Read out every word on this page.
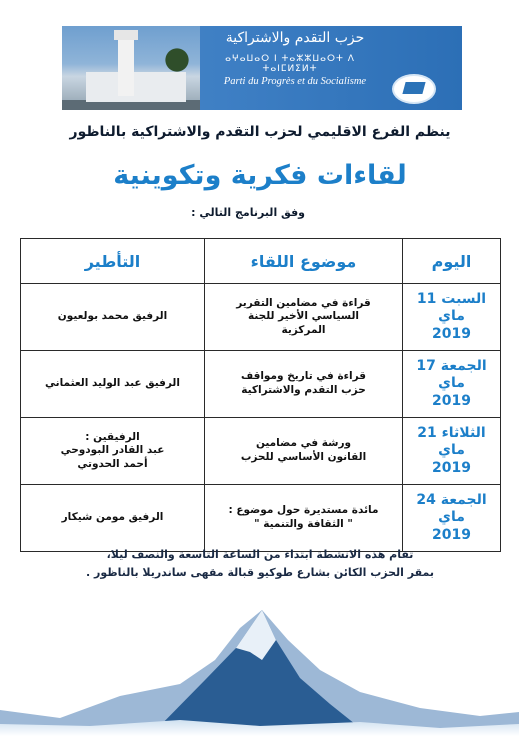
حزب التقدم والاشتراكية
ⴰⵖⴰⵡⴰⵔ ⵏ ⵜⴰⵣⵣⵡⴰⵔⵜ ⴷ ⵜⴰⵏⵎⵍⵉⵍⵜ
Parti du Progrès et du Socialisme
ينظم الفرع الاقليمي لحزب التقدم والاشتراكية بالناظور
لقاءات فكرية وتكوينية
وفق البرنامج التالي :
اليوم	موضوع اللقاء	التأطير

السبت 11 ماي
2019	قراءة في مضامين التقرير
السياسي الأخير للجنة
المركزية	الرفيق محمد بولعيون

الجمعة 17 ماي
2019	قراءة في تاريخ ومواقف
حزب التقدم والاشتراكية	الرفيق عبد الوليد العثماني

الثلاثاء 21 ماي
2019	ورشة في مضامين
القانون الأساسي للحزب	الرفيقين :
عبد القادر البودوحي
أحمد الحدوتي

الجمعة 24 ماي
2019	مائدة مستديرة حول موضوع :
" الثقافة والتنمية "	الرفيق مومن شيكار
تقام هذه الانشطة ابتداء من الساعة التاسعة والنصف ليلا،
بمقر الحزب الكائن بشارع طوكيو قبالة مقهى ساندريلا بالناظور .
